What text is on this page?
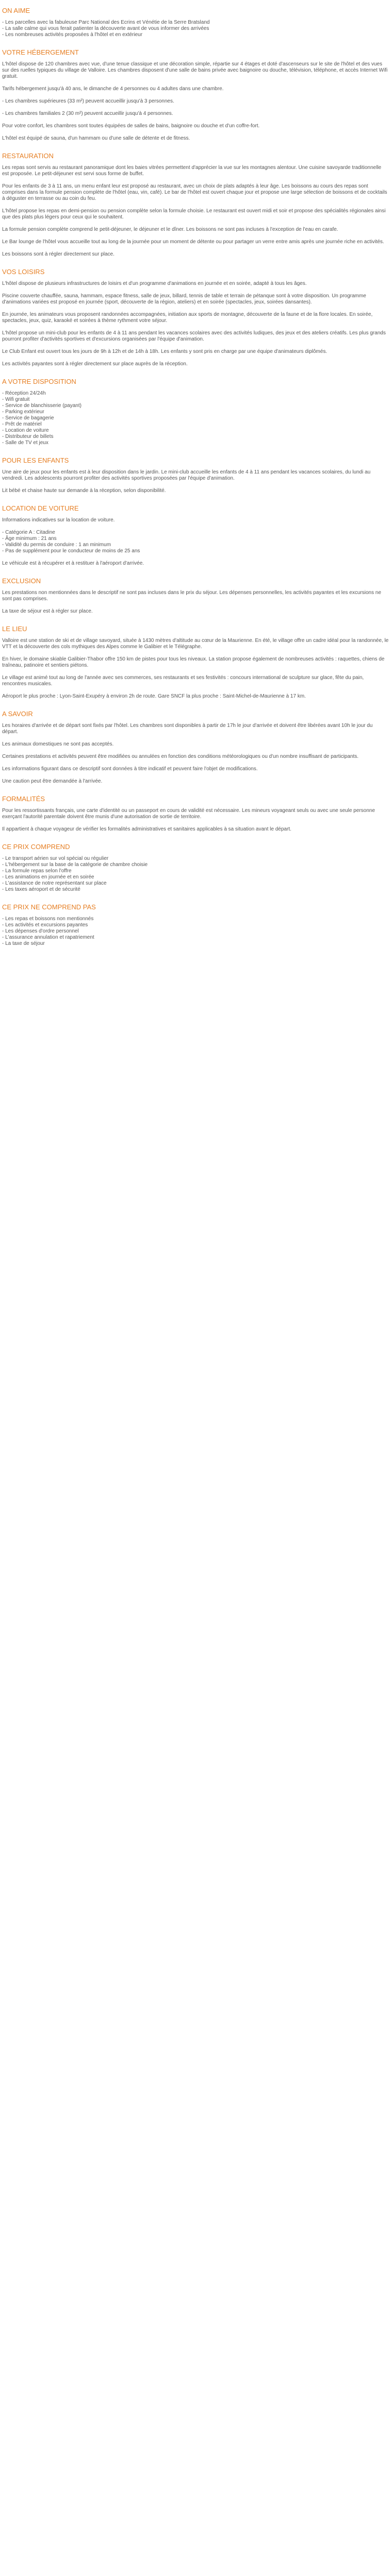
ON AIME
- Les parcelles avec la fabuleuse Parc National des Ecrins et Vénétie de la Serre Bratsland
- La salle calme qui vous ferait patienter la découverte avant de vous informer des arrivées
- Les nombreuses activités proposées à l'hôtel et en extérieur
VOTRE HÉBERGEMENT

L'hôtel dispose de 120 chambres avec vue, d'une tenue classique et une décoration simple, répartie sur 4 étages et doté d'ascenseurs sur le site de l'hôtel et des vues sur des ruelles typiques du village de Valloire. Les chambres disposent d'une salle de bains privée avec baignoire ou douche, télévision, téléphone, et accès Internet Wifi gratuit.

Tarifs hébergement jusqu'à 40 ans, le dimanche de 4 personnes ou 4 adultes dans une chambre.

- Les chambres supérieures (33 m²) peuvent accueillir jusqu'à 3 personnes.

- Les chambres familiales 2 (30 m²) peuvent accueillir jusqu'à 4 personnes.

Pour votre confort, les chambres sont toutes équipées de salles de bains, baignoire ou douche et d'un coffre-fort.

L'hôtel est équipé de sauna, d'un hammam ou d'une salle de détente et de fitness.

RESTAURATION

Les repas sont servis au restaurant panoramique dont les baies vitrées permettent d'apprécier la vue sur les montagnes alentour. Une cuisine savoyarde traditionnelle est proposée. Le petit-déjeuner est servi sous forme de buffet.

Pour les enfants de 3 à 11 ans, un menu enfant leur est proposé au restaurant, avec un choix de plats adaptés à leur âge. Les boissons au cours des repas sont comprises dans la formule pension complète de l'hôtel (eau, vin, café). Le bar de l'hôtel est ouvert chaque jour et propose une large sélection de boissons et de cocktails à déguster en terrasse ou au coin du feu.

L'hôtel propose les repas en demi-pension ou pension complète selon la formule choisie. Le restaurant est ouvert midi et soir et propose des spécialités régionales ainsi que des plats plus légers pour ceux qui le souhaitent.

La formule pension complète comprend le petit-déjeuner, le déjeuner et le dîner. Les boissons ne sont pas incluses à l'exception de l'eau en carafe.

Le Bar lounge de l'hôtel vous accueille tout au long de la journée pour un moment de détente ou pour partager un verre entre amis après une journée riche en activités.

Les boissons sont à régler directement sur place.

VOS LOISIRS

L'hôtel dispose de plusieurs infrastructures de loisirs et d'un programme d'animations en journée et en soirée, adapté à tous les âges.

Piscine couverte chauffée, sauna, hammam, espace fitness, salle de jeux, billard, tennis de table et terrain de pétanque sont à votre disposition. Un programme d'animations variées est proposé en journée (sport, découverte de la région, ateliers) et en soirée (spectacles, jeux, soirées dansantes).

En journée, les animateurs vous proposent randonnées accompagnées, initiation aux sports de montagne, découverte de la faune et de la flore locales. En soirée, spectacles, jeux, quiz, karaoké et soirées à thème rythment votre séjour.

L'hôtel propose un mini-club pour les enfants de 4 à 11 ans pendant les vacances scolaires avec des activités ludiques, des jeux et des ateliers créatifs. Les plus grands pourront profiter d'activités sportives et d'excursions organisées par l'équipe d'animation.

Le Club Enfant est ouvert tous les jours de 9h à 12h et de 14h à 18h. Les enfants y sont pris en charge par une équipe d'animateurs diplômés.

Les activités payantes sont à régler directement sur place auprès de la réception.

A VOTRE DISPOSITION
- Réception 24/24h
- Wifi gratuit
- Service de blanchisserie (payant)
- Parking extérieur
- Service de bagagerie
- Prêt de matériel
- Location de voiture
- Distributeur de billets
- Salle de TV et jeux
POUR LES ENFANTS

Une aire de jeux pour les enfants est à leur disposition dans le jardin. Le mini-club accueille les enfants de 4 à 11 ans pendant les vacances scolaires, du lundi au vendredi. Les adolescents pourront profiter des activités sportives proposées par l'équipe d'animation.

Lit bébé et chaise haute sur demande à la réception, selon disponibilité.

LOCATION DE VOITURE

Informations indicatives sur la location de voiture.

- Catégorie A : Citadine
- Âge minimum : 21 ans
- Validité du permis de conduire : 1 an minimum
- Pas de supplément pour le conducteur de moins de 25 ans

Le véhicule est à récupérer et à restituer à l'aéroport d'arrivée.

EXCLUSION

Les prestations non mentionnées dans le descriptif ne sont pas incluses dans le prix du séjour. Les dépenses personnelles, les activités payantes et les excursions ne sont pas comprises.

La taxe de séjour est à régler sur place.

LE LIEU

Valloire est une station de ski et de village savoyard, située à 1430 mètres d'altitude au cœur de la Maurienne. En été, le village offre un cadre idéal pour la randonnée, le VTT et la découverte des cols mythiques des Alpes comme le Galibier et le Télégraphe.

En hiver, le domaine skiable Galibier-Thabor offre 150 km de pistes pour tous les niveaux. La station propose également de nombreuses activités : raquettes, chiens de traîneau, patinoire et sentiers piétons.

Le village est animé tout au long de l'année avec ses commerces, ses restaurants et ses festivités : concours international de sculpture sur glace, fête du pain, rencontres musicales.

Aéroport le plus proche : Lyon-Saint-Exupéry à environ 2h de route. Gare SNCF la plus proche : Saint-Michel-de-Maurienne à 17 km.

A SAVOIR

Les horaires d'arrivée et de départ sont fixés par l'hôtel. Les chambres sont disponibles à partir de 17h le jour d'arrivée et doivent être libérées avant 10h le jour du départ.

Les animaux domestiques ne sont pas acceptés.

Certaines prestations et activités peuvent être modifiées ou annulées en fonction des conditions météorologiques ou d'un nombre insuffisant de participants.

Les informations figurant dans ce descriptif sont données à titre indicatif et peuvent faire l'objet de modifications.

Une caution peut être demandée à l'arrivée.

FORMALITÉS

Pour les ressortissants français, une carte d'identité ou un passeport en cours de validité est nécessaire. Les mineurs voyageant seuls ou avec une seule personne exerçant l'autorité parentale doivent être munis d'une autorisation de sortie de territoire.

Il appartient à chaque voyageur de vérifier les formalités administratives et sanitaires applicables à sa situation avant le départ.

CE PRIX COMPREND
- Le transport aérien sur vol spécial ou régulier
- L'hébergement sur la base de la catégorie de chambre choisie
- La formule repas selon l'offre
- Les animations en journée et en soirée
- L'assistance de notre représentant sur place
- Les taxes aéroport et de sécurité
CE PRIX NE COMPREND PAS
- Les repas et boissons non mentionnés
- Les activités et excursions payantes
- Les dépenses d'ordre personnel
- L'assurance annulation et rapatriement
- La taxe de séjour
